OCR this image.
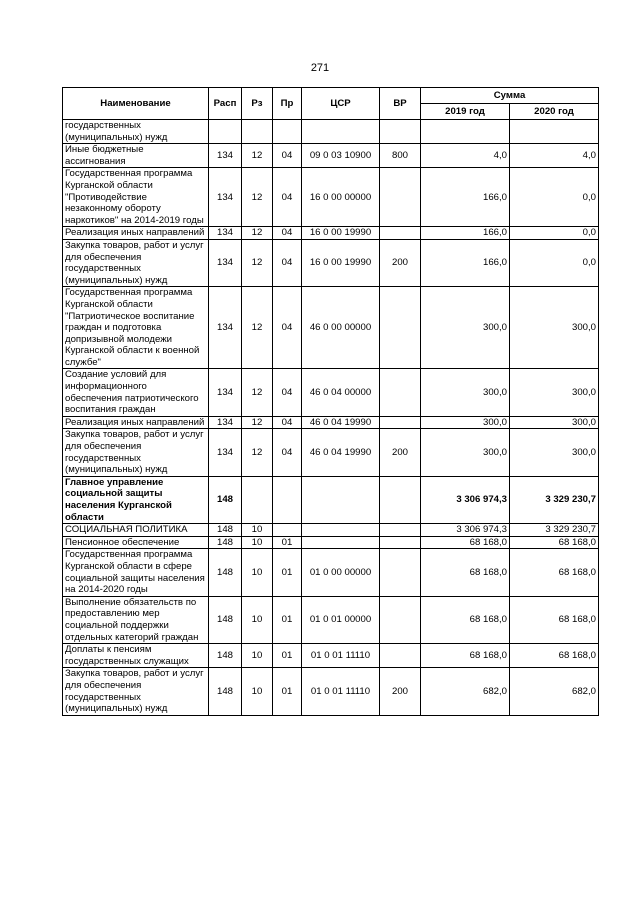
271
Наименование	Расп	Рз	Пр	ЦСР	ВР	Сумма	
						2019 год	2020 год
государственных (муниципальных) нужд							
Иные бюджетные ассигнования	134	12	04	09 0 03 10900	800	4,0	4,0
Государственная программа Курганской области "Противодействие незаконному обороту наркотиков" на 2014-2019 годы	134	12	04	16 0 00 00000		166,0	0,0
Реализация иных направлений	134	12	04	16 0 00 19990		166,0	0,0
Закупка товаров, работ и услуг для обеспечения государственных (муниципальных) нужд	134	12	04	16 0 00 19990	200	166,0	0,0
Государственная программа Курганской области "Патриотическое воспитание граждан и подготовка допризывной молодежи Курганской области к военной службе"	134	12	04	46 0 00 00000		300,0	300,0
Создание условий для информационного обеспечения патриотического воспитания граждан	134	12	04	46 0 04 00000		300,0	300,0
Реализация иных направлений	134	12	04	46 0 04 19990		300,0	300,0
Закупка товаров, работ и услуг для обеспечения государственных (муниципальных) нужд	134	12	04	46 0 04 19990	200	300,0	300,0
Главное управление социальной защиты населения Курганской области	148					3 306 974,3	3 329 230,7
СОЦИАЛЬНАЯ ПОЛИТИКА	148	10				3 306 974,3	3 329 230,7
Пенсионное обеспечение	148	10	01			68 168,0	68 168,0
Государственная программа Курганской области в сфере социальной защиты населения на 2014-2020 годы	148	10	01	01 0 00 00000		68 168,0	68 168,0
Выполнение обязательств по предоставлению мер социальной поддержки отдельных категорий граждан	148	10	01	01 0 01 00000		68 168,0	68 168,0
Доплаты к пенсиям государственных служащих	148	10	01	01 0 01 11110		68 168,0	68 168,0
Закупка товаров, работ и услуг для обеспечения государственных (муниципальных) нужд	148	10	01	01 0 01 11110	200	682,0	682,0
